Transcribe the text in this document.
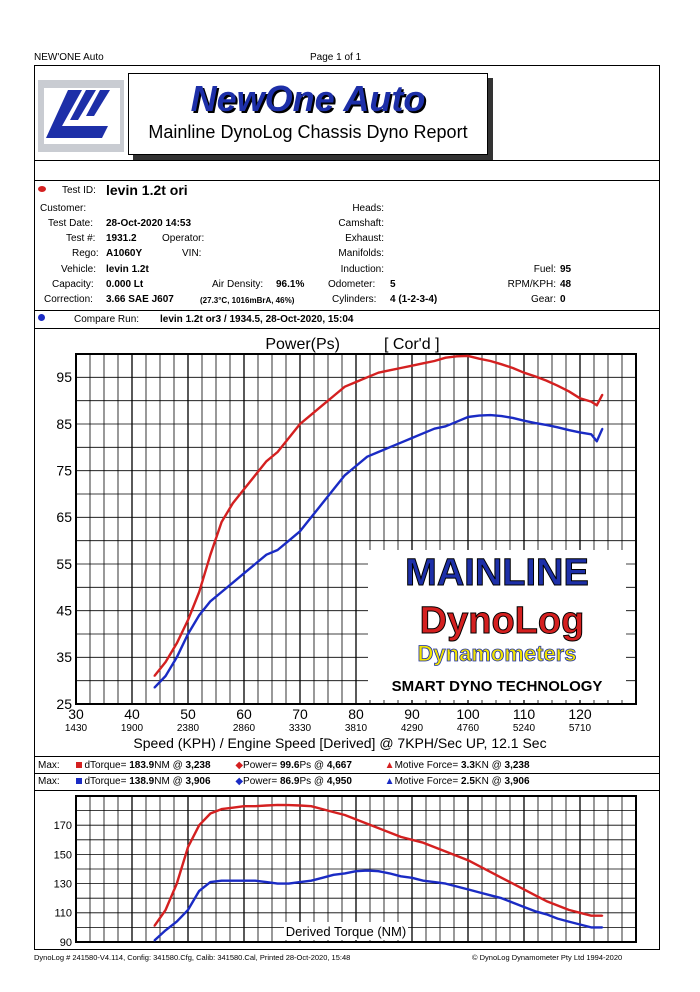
NEW'ONE Auto	Page 1 of 1
NewOne Auto
Mainline DynoLog Chassis Dyno Report
Test ID: levin 1.2t ori
Customer:
Test Date: 28-Oct-2020 14:53
Test #: 1931.2	Operator:
Rego: A1060Y	VIN:
Vehicle: levin 1.2t
Capacity: 0.000 Lt	Air Density: 96.1% Odometer: 5
Correction: 3.66 SAE J607	(27.3°C, 1016mBrA, 46%)	Cylinders: 4 (1-2-3-4)
Heads:
Camshaft:
Exhaust:
Manifolds:
Induction:	Fuel: 95
RPM/KPH: 48
Gear: 0
Compare Run: levin 1.2t or3 / 1934.5, 28-Oct-2020, 15:04
Power(Ps)	[ Cor'd ]
25
35
45
55
65
75
85
95
30
1430
40
1900
50
2380
60
2860
70
3330
80
3810
90
4290
100
4760
110
5240
120
5710
MAINLINE
DynoLog
Dynamometers
SMART DYNO TECHNOLOGY
Speed (KPH) / Engine Speed [Derived] @ 7KPH/Sec UP, 12.1 Sec
Max: dTorque= 183.9NM @ 3,238 ◆Power= 99.6Ps @ 4,667	▲Motive Force= 3.3KN @ 3,238
Max: dTorque= 138.9NM @ 3,906 ◆Power= 86.9Ps @ 4,950	▲Motive Force= 2.5KN @ 3,906
90
110
130
150
170
Derived Torque (NM)
DynoLog # 241580-V4.114, Config: 341580.Cfg, Calib: 341580.Cal, Printed 28-Oct-2020, 15:48	© DynoLog Dynamometer Pty Ltd 1994-2020
